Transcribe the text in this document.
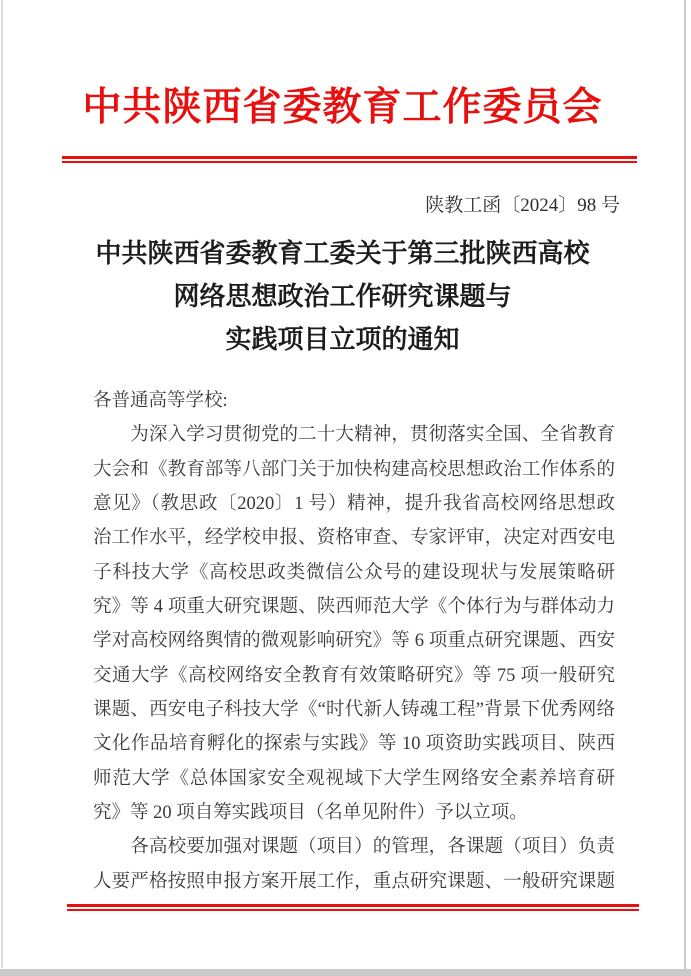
中共陕西省委教育工作委员会
陕教工函〔2024〕98 号
中共陕西省委教育工委关于第三批陕西高校
网络思想政治工作研究课题与
实践项目立项的通知
各普通高等学校:
　　为深入学习贯彻党的二十大精神，贯彻落实全国、全省教育
大会和《教育部等八部门关于加快构建高校思想政治工作体系的
意见》（教思政〔2020〕1 号）精神，提升我省高校网络思想政
治工作水平，经学校申报、资格审查、专家评审，决定对西安电
子科技大学《高校思政类微信公众号的建设现状与发展策略研
究》等 4 项重大研究课题、陕西师范大学《个体行为与群体动力
学对高校网络舆情的微观影响研究》等 6 项重点研究课题、西安
交通大学《高校网络安全教育有效策略研究》等 75 项一般研究
课题、西安电子科技大学《“时代新人铸魂工程”背景下优秀网络
文化作品培育孵化的探索与实践》等 10 项资助实践项目、陕西
师范大学《总体国家安全观视域下大学生网络安全素养培育研
究》等 20 项自筹实践项目（名单见附件）予以立项。
　　各高校要加强对课题（项目）的管理，各课题（项目）负责
人要严格按照申报方案开展工作，重点研究课题、一般研究课题
